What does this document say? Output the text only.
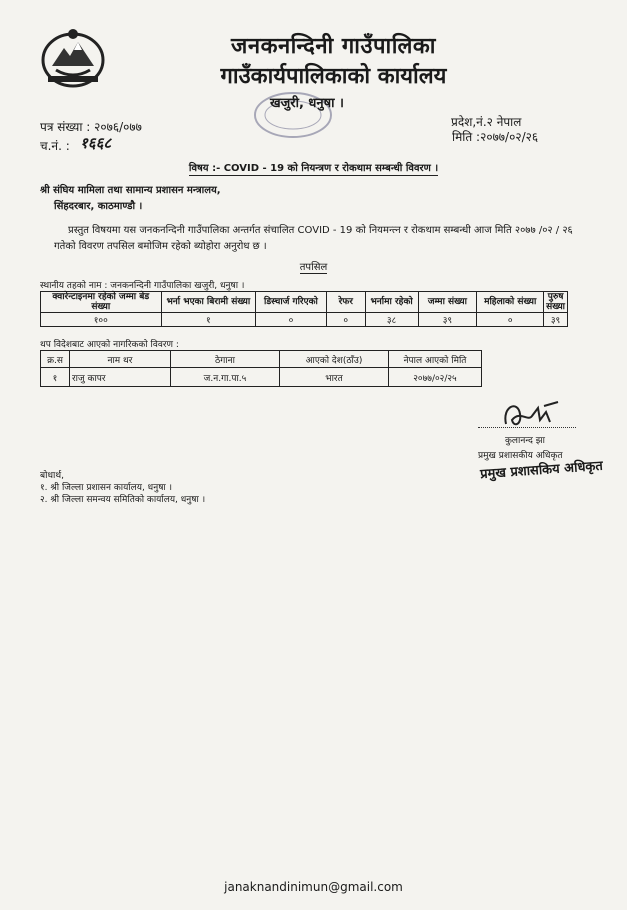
जनकनन्दिनी गाउँपालिका
गाउँकार्यपालिकाको कार्यालय
खजुरी, धनुषा ।
प्रदेश,नं.२ नेपाल
पत्र संख्या : २०७६/०७७
मिति :२०७७/०२/२६
च.नं. : १६६८
विषय :- COVID - 19 को नियन्त्रण र रोकथाम सम्बन्धी विवरण ।
श्री संघिय मामिला तथा सामान्य प्रशासन मन्त्रालय,
सिंहदरबार, काठमाण्डौ ।
प्रस्तुत विषयमा यस जनकनन्दिनी गाउँपालिका अन्तर्गत संचालित COVID - 19 को नियमन्त्न र रोकथाम सम्बन्धी आज मिति २०७७ /०२ / २६ गतेको विवरण तपसिल बमोजिम रहेको ब्योहोरा अनुरोध छ ।
तपसिल
स्थानीय तहको नाम : जनकनन्दिनी गाउँपालिका खजुरी, धनुषा ।
क्वारेन्टाइनमा रहेको जम्मा बेड संख्या	भर्ना भएका बिरामी संख्या	डिस्चार्ज गरिएको	रेफर	भर्नामा रहेको	जम्मा संख्या	महिलाको संख्या	पुरुष संख्या
१००	१	०	०	३८	३९	०	३९
थप विदेशबाट आएको नागरिकको विवरण :
क्र.स	नाम थर	ठेगाना	आएको देश(ठाँउ)	नेपाल आएको मिति
१	राजु कापर	ज.न.गा.पा.५	भारत	२०७७/०२/२५
कुलानन्द झा
प्रमुख प्रशासकीय अधिकृत
प्रमुख प्रशासकिय अधिकृत
बोधार्थ,
१. श्री जिल्ला प्रशासन कार्यालय, धनुषा ।
२. श्री जिल्ला समन्वय समितिको कार्यालय, धनुषा ।
janaknandinimun@gmail.com
